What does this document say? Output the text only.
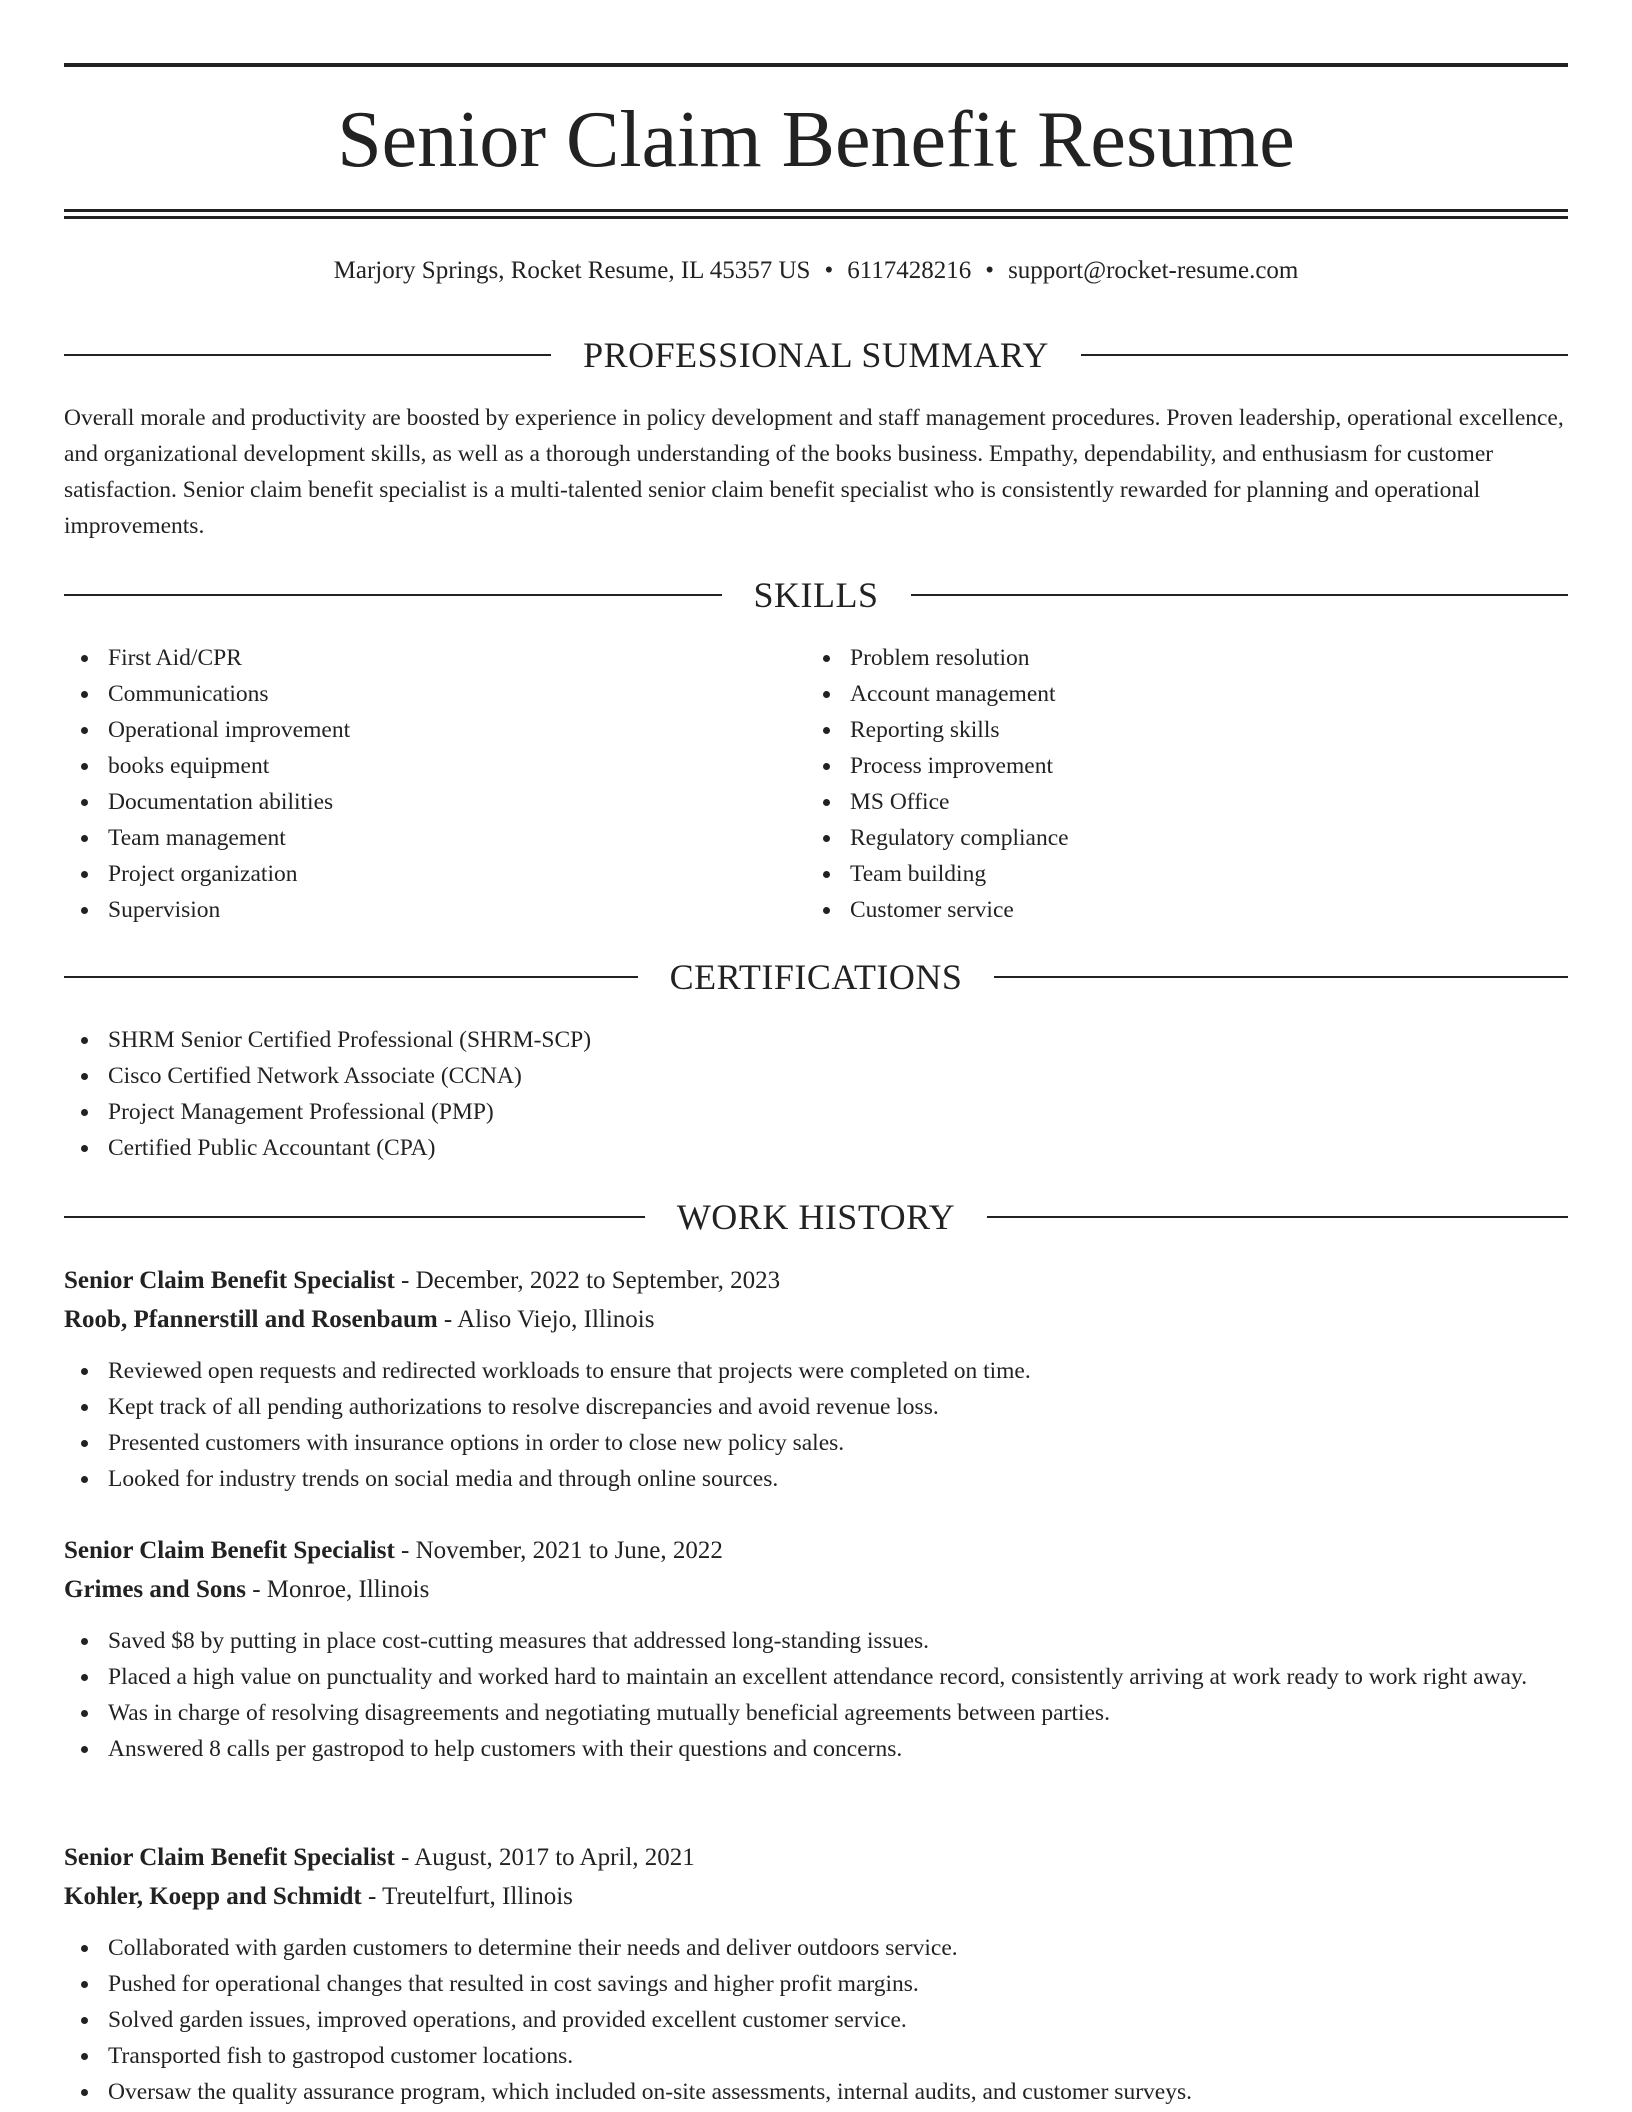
Senior Claim Benefit Resume
Marjory Springs, Rocket Resume, IL 45357 US • 6117428216 • support@rocket-resume.com
PROFESSIONAL SUMMARY

Overall morale and productivity are boosted by experience in policy development and staff management procedures. Proven leadership, operational excellence, and organizational development skills, as well as a thorough understanding of the books business. Empathy, dependability, and enthusiasm for customer satisfaction. Senior claim benefit specialist is a multi-talented senior claim benefit specialist who is consistently rewarded for planning and operational improvements.

SKILLS
First Aid/CPR
Communications
Operational improvement
books equipment
Documentation abilities
Team management
Project organization
Supervision
Problem resolution
Account management
Reporting skills
Process improvement
MS Office
Regulatory compliance
Team building
Customer service
CERTIFICATIONS
SHRM Senior Certified Professional (SHRM-SCP)
Cisco Certified Network Associate (CCNA)
Project Management Professional (PMP)
Certified Public Accountant (CPA)
WORK HISTORY
Senior Claim Benefit Specialist - December, 2022 to September, 2023
Roob, Pfannerstill and Rosenbaum - Aliso Viejo, Illinois
Reviewed open requests and redirected workloads to ensure that projects were completed on time.
Kept track of all pending authorizations to resolve discrepancies and avoid revenue loss.
Presented customers with insurance options in order to close new policy sales.
Looked for industry trends on social media and through online sources.
Senior Claim Benefit Specialist - November, 2021 to June, 2022
Grimes and Sons - Monroe, Illinois
Saved $8 by putting in place cost-cutting measures that addressed long-standing issues.
Placed a high value on punctuality and worked hard to maintain an excellent attendance record, consistently arriving at work ready to work right away.
Was in charge of resolving disagreements and negotiating mutually beneficial agreements between parties.
Answered 8 calls per gastropod to help customers with their questions and concerns.
Senior Claim Benefit Specialist - August, 2017 to April, 2021
Kohler, Koepp and Schmidt - Treutelfurt, Illinois
Collaborated with garden customers to determine their needs and deliver outdoors service.
Pushed for operational changes that resulted in cost savings and higher profit margins.
Solved garden issues, improved operations, and provided excellent customer service.
Transported fish to gastropod customer locations.
Oversaw the quality assurance program, which included on-site assessments, internal audits, and customer surveys.
